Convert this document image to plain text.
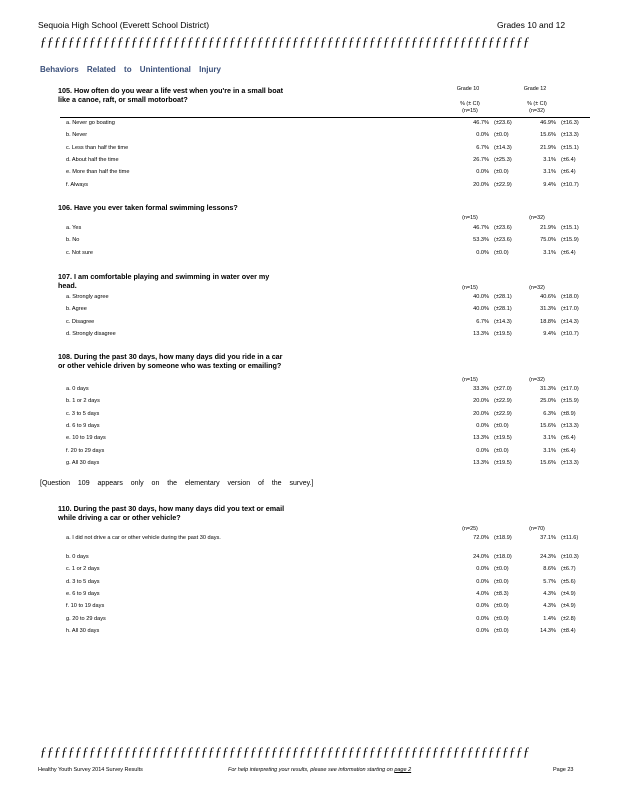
Sequoia High School (Everett School District)	Grades 10 and 12
ƒƒƒƒƒƒƒƒƒƒƒƒƒƒƒƒƒƒƒƒƒƒƒƒƒƒƒƒƒƒƒƒƒƒƒƒƒƒƒƒƒƒƒƒƒƒƒƒƒƒƒƒƒƒƒƒƒƒƒƒƒƒƒƒƒƒƒƒƒƒ
Behaviors Related to Unintentional Injury
105. How often do you wear a life vest when you're in a small boat like a canoe, raft, or small motorboat?
Grade 10	Grade 12
% (± CI)	% (± CI)
(n=15)	(n=32)
a. Never go boating	46.7% (±23.6)	46.9% (±16.3)
b. Never	0.0% (±0.0)	15.6% (±13.3)
c. Less than half the time	6.7% (±14.3)	21.9% (±15.1)
d. About half the time	26.7% (±25.3)	3.1% (±6.4)
e. More than half the time	0.0% (±0.0)	3.1% (±6.4)
f. Always	20.0% (±22.9)	9.4% (±10.7)
106. Have you ever taken formal swimming lessons?
(n=15)	(n=32)
a. Yes	46.7% (±23.6)	21.9% (±15.1)
b. No	53.3% (±23.6)	75.0% (±15.9)
c. Not sure	0.0% (±0.0)	3.1% (±6.4)
107. I am comfortable playing and swimming in water over my head.	(n=15)	(n=32)
a. Strongly agree	40.0% (±28.1)	40.6% (±18.0)
b. Agree	40.0% (±28.1)	31.3% (±17.0)
c. Disagree	6.7% (±14.3)	18.8% (±14.3)
d. Strongly disagree	13.3% (±19.5)	9.4% (±10.7)
108. During the past 30 days, how many days did you ride in a car or other vehicle driven by someone who was texting or emailing?
(n=15)	(n=32)
a. 0 days	33.3% (±27.0)	31.3% (±17.0)
b. 1 or 2 days	20.0% (±22.9)	25.0% (±15.9)
c. 3 to 5 days	20.0% (±22.9)	6.3% (±8.9)
d. 6 to 9 days	0.0% (±0.0)	15.6% (±13.3)
e. 10 to 19 days	13.3% (±19.5)	3.1% (±6.4)
f. 20 to 29 days	0.0% (±0.0)	3.1% (±6.4)
g. All 30 days	13.3% (±19.5)	15.6% (±13.3)
[Question 109 appears only on the elementary version of the survey.]
110. During the past 30 days, how many days did you text or email while driving a car or other vehicle?
(n=25)	(n=70)
a. I did not drive a car or other vehicle during the past 30 days.	72.0% (±18.9)	37.1% (±11.6)
b. 0 days	24.0% (±18.0)	24.3% (±10.3)
c. 1 or 2 days	0.0% (±0.0)	8.6% (±6.7)
d. 3 to 5 days	0.0% (±0.0)	5.7% (±5.6)
e. 6 to 9 days	4.0% (±8.3)	4.3% (±4.9)
f. 10 to 19 days	0.0% (±0.0)	4.3% (±4.9)
g. 20 to 29 days	0.0% (±0.0)	1.4% (±2.8)
h. All 30 days	0.0% (±0.0)	14.3% (±8.4)
ƒƒƒƒƒƒƒƒƒƒƒƒƒƒƒƒƒƒƒƒƒƒƒƒƒƒƒƒƒƒƒƒƒƒƒƒƒƒƒƒƒƒƒƒƒƒƒƒƒƒƒƒƒƒƒƒƒƒƒƒƒƒƒƒƒƒƒƒƒƒ
Healthy Youth Survey 2014 Survey Results	For help interpreting your results, please see information starting on page 2	Page 23
